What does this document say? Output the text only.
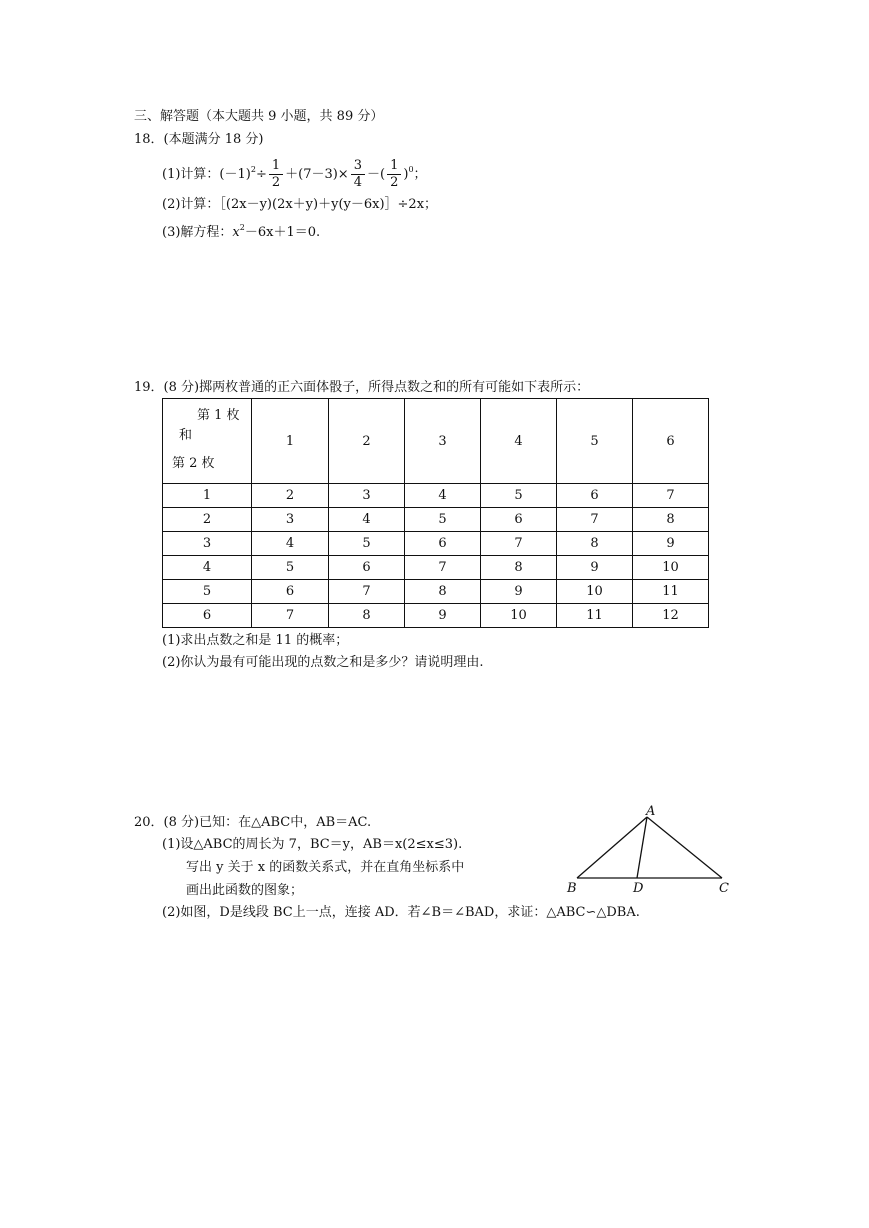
三、解答题（本大题共 9 小题，共 89 分）
18．(本题满分 18 分)
(1)计算：$(-1)^2\div \frac{1}{2} +(7-3)\times \frac{3}{4}$ －( $\frac{1}{2} )^0$；
(2)计算：［(2x－y)(2x＋y)＋y(y－6x)］÷2x；
(3)解方程：$x^2-6x+1=0$.
19．(8 分)掷两枚普通的正六面体骰子，所得点数之和的所有可能如下表所示：
第 1 枚
和
第 2 枚	1	2	3	4	5	6
1	2	3	4	5	6	7
2	3	4	5	6	7	8
3	4	5	6	7	8	9
4	5	6	7	8	9	10
5	6	7	8	9	10	11
6	7	8	9	10	11	12
(1)求出点数之和是 11 的概率；
(2)你认为最有可能出现的点数之和是多少？请说明理由.
20．(8 分)已知：在△ABC中，AB＝AC.
(1)设△ABC的周长为 7，BC＝y，AB＝x(2≤x≤3).
写出 y 关于 x 的函数关系式，并在直角坐标系中
画出此函数的图象；
(2)如图，D是线段 BC上一点，连接 AD．若∠B＝∠BAD，求证：△ABC∽△DBA.
A
B	D	C
